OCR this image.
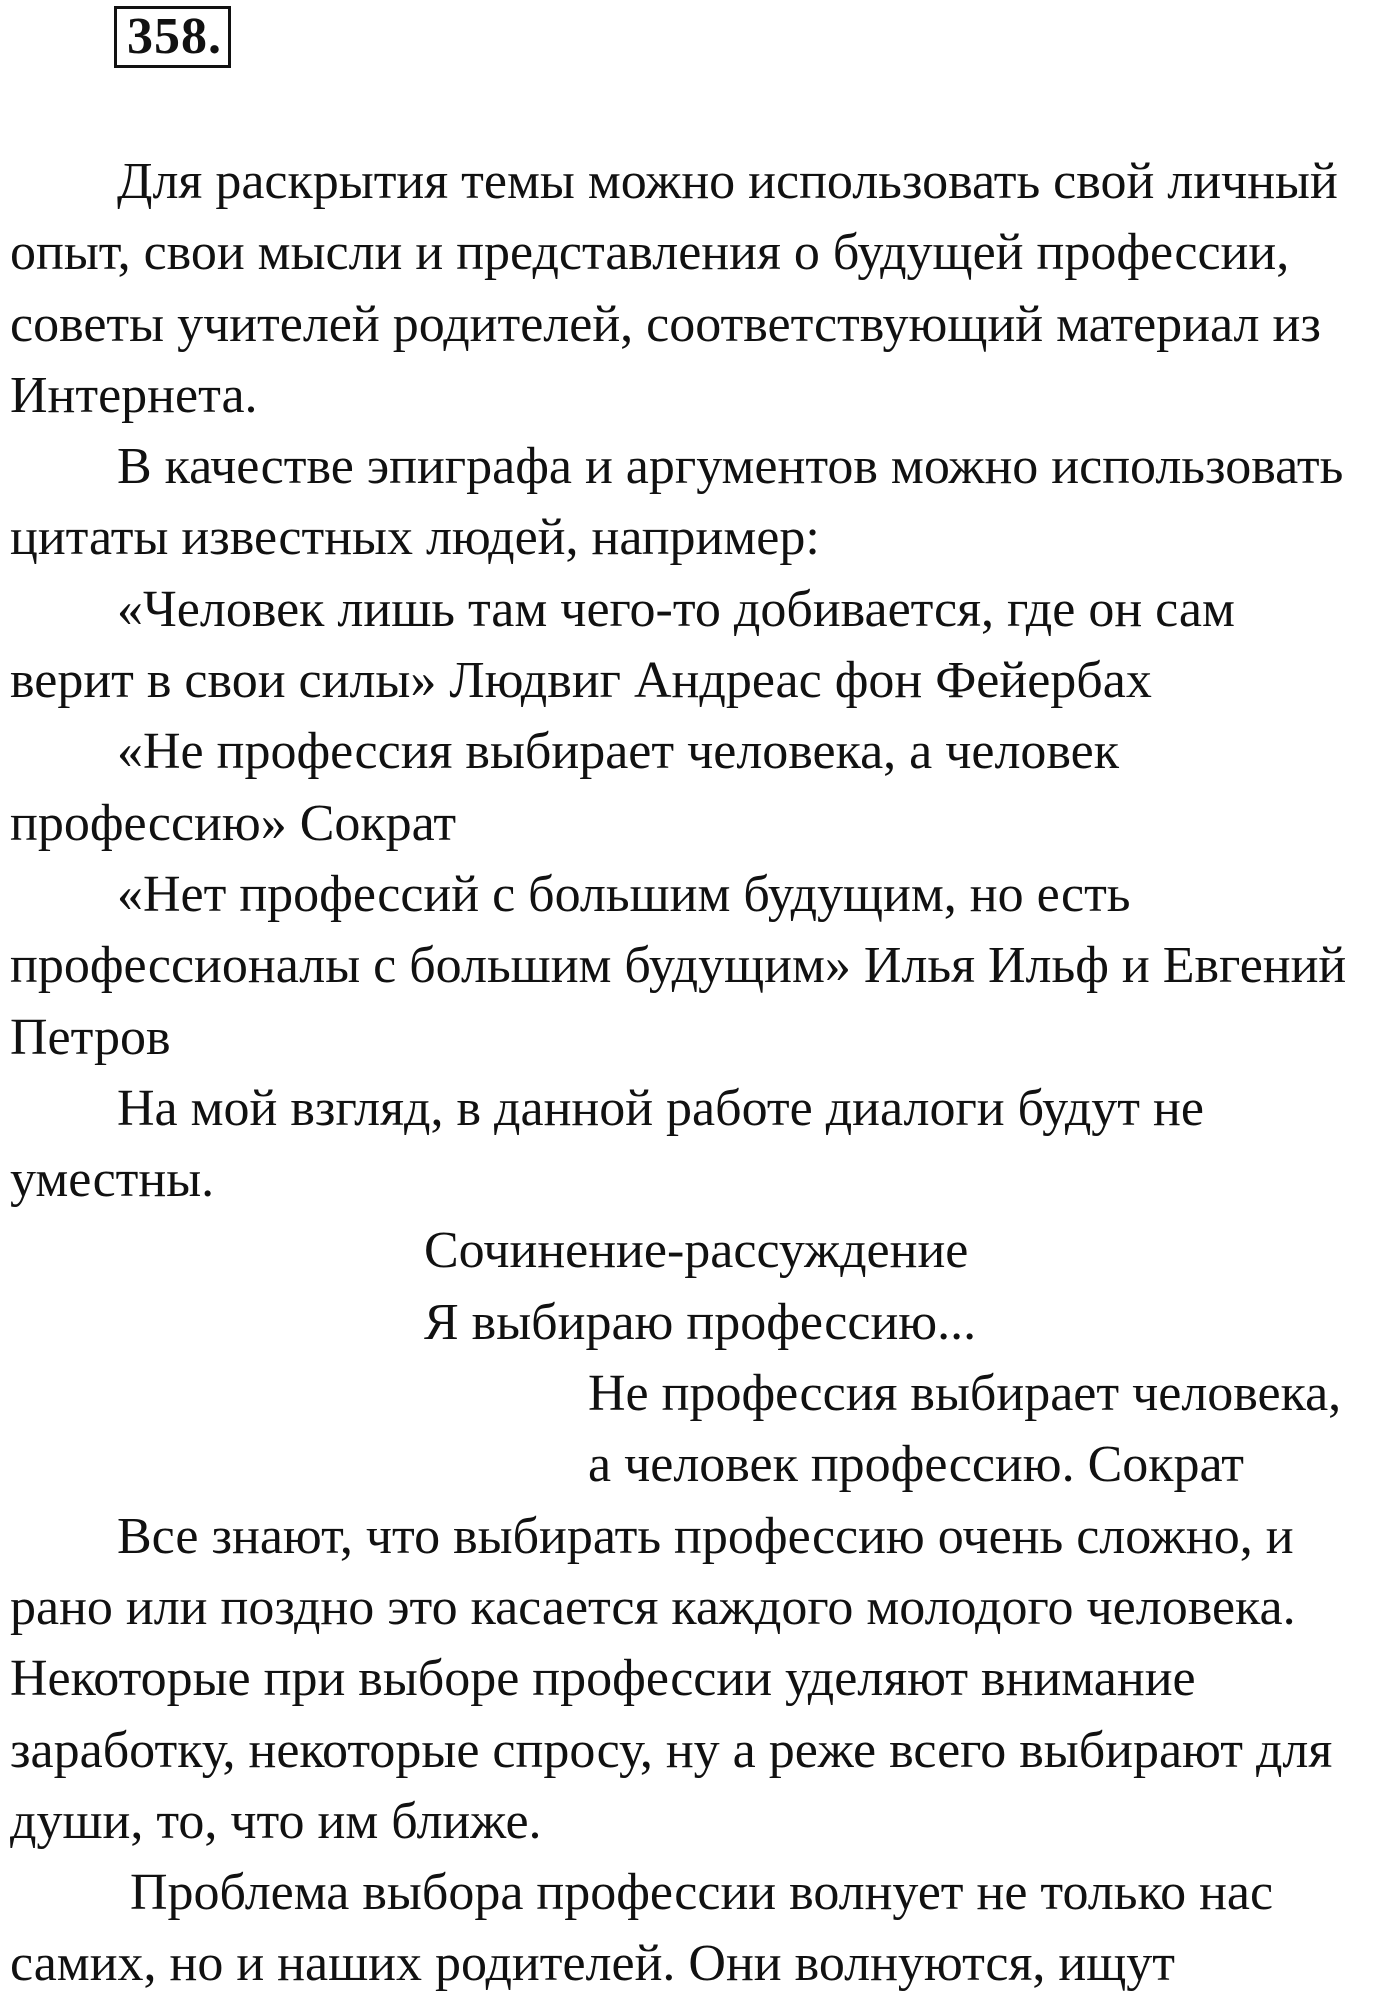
358.

Для раскрытия темы можно использовать свой личный
опыт, свои мысли и представления о будущей профессии,
советы учителей родителей, соответствующий материал из
Интернета.

В качестве эпиграфа и аргументов можно использовать
цитаты известных людей, например:

«Человек лишь там чего-то добивается, где он сам
верит в свои силы» Людвиг Андреас фон Фейербах

«Не профессия выбирает человека, а человек
профессию» Сократ

«Нет профессий с большим будущим, но есть
профессионалы с большим будущим» Илья Ильф и Евгений
Петров

На мой взгляд, в данной работе диалоги будут не
уместны.

Сочинение-рассуждение

Я выбираю профессию...

Не профессия выбирает человека,
а человек профессию. Сократ

Все знают, что выбирать профессию очень сложно, и
рано или поздно это касается каждого молодого человека.
Некоторые при выборе профессии уделяют внимание
заработку, некоторые спросу, ну а реже всего выбирают для
души, то, что им ближе.

Проблема выбора профессии волнует не только нас
самих, но и наших родителей. Они волнуются, ищут
